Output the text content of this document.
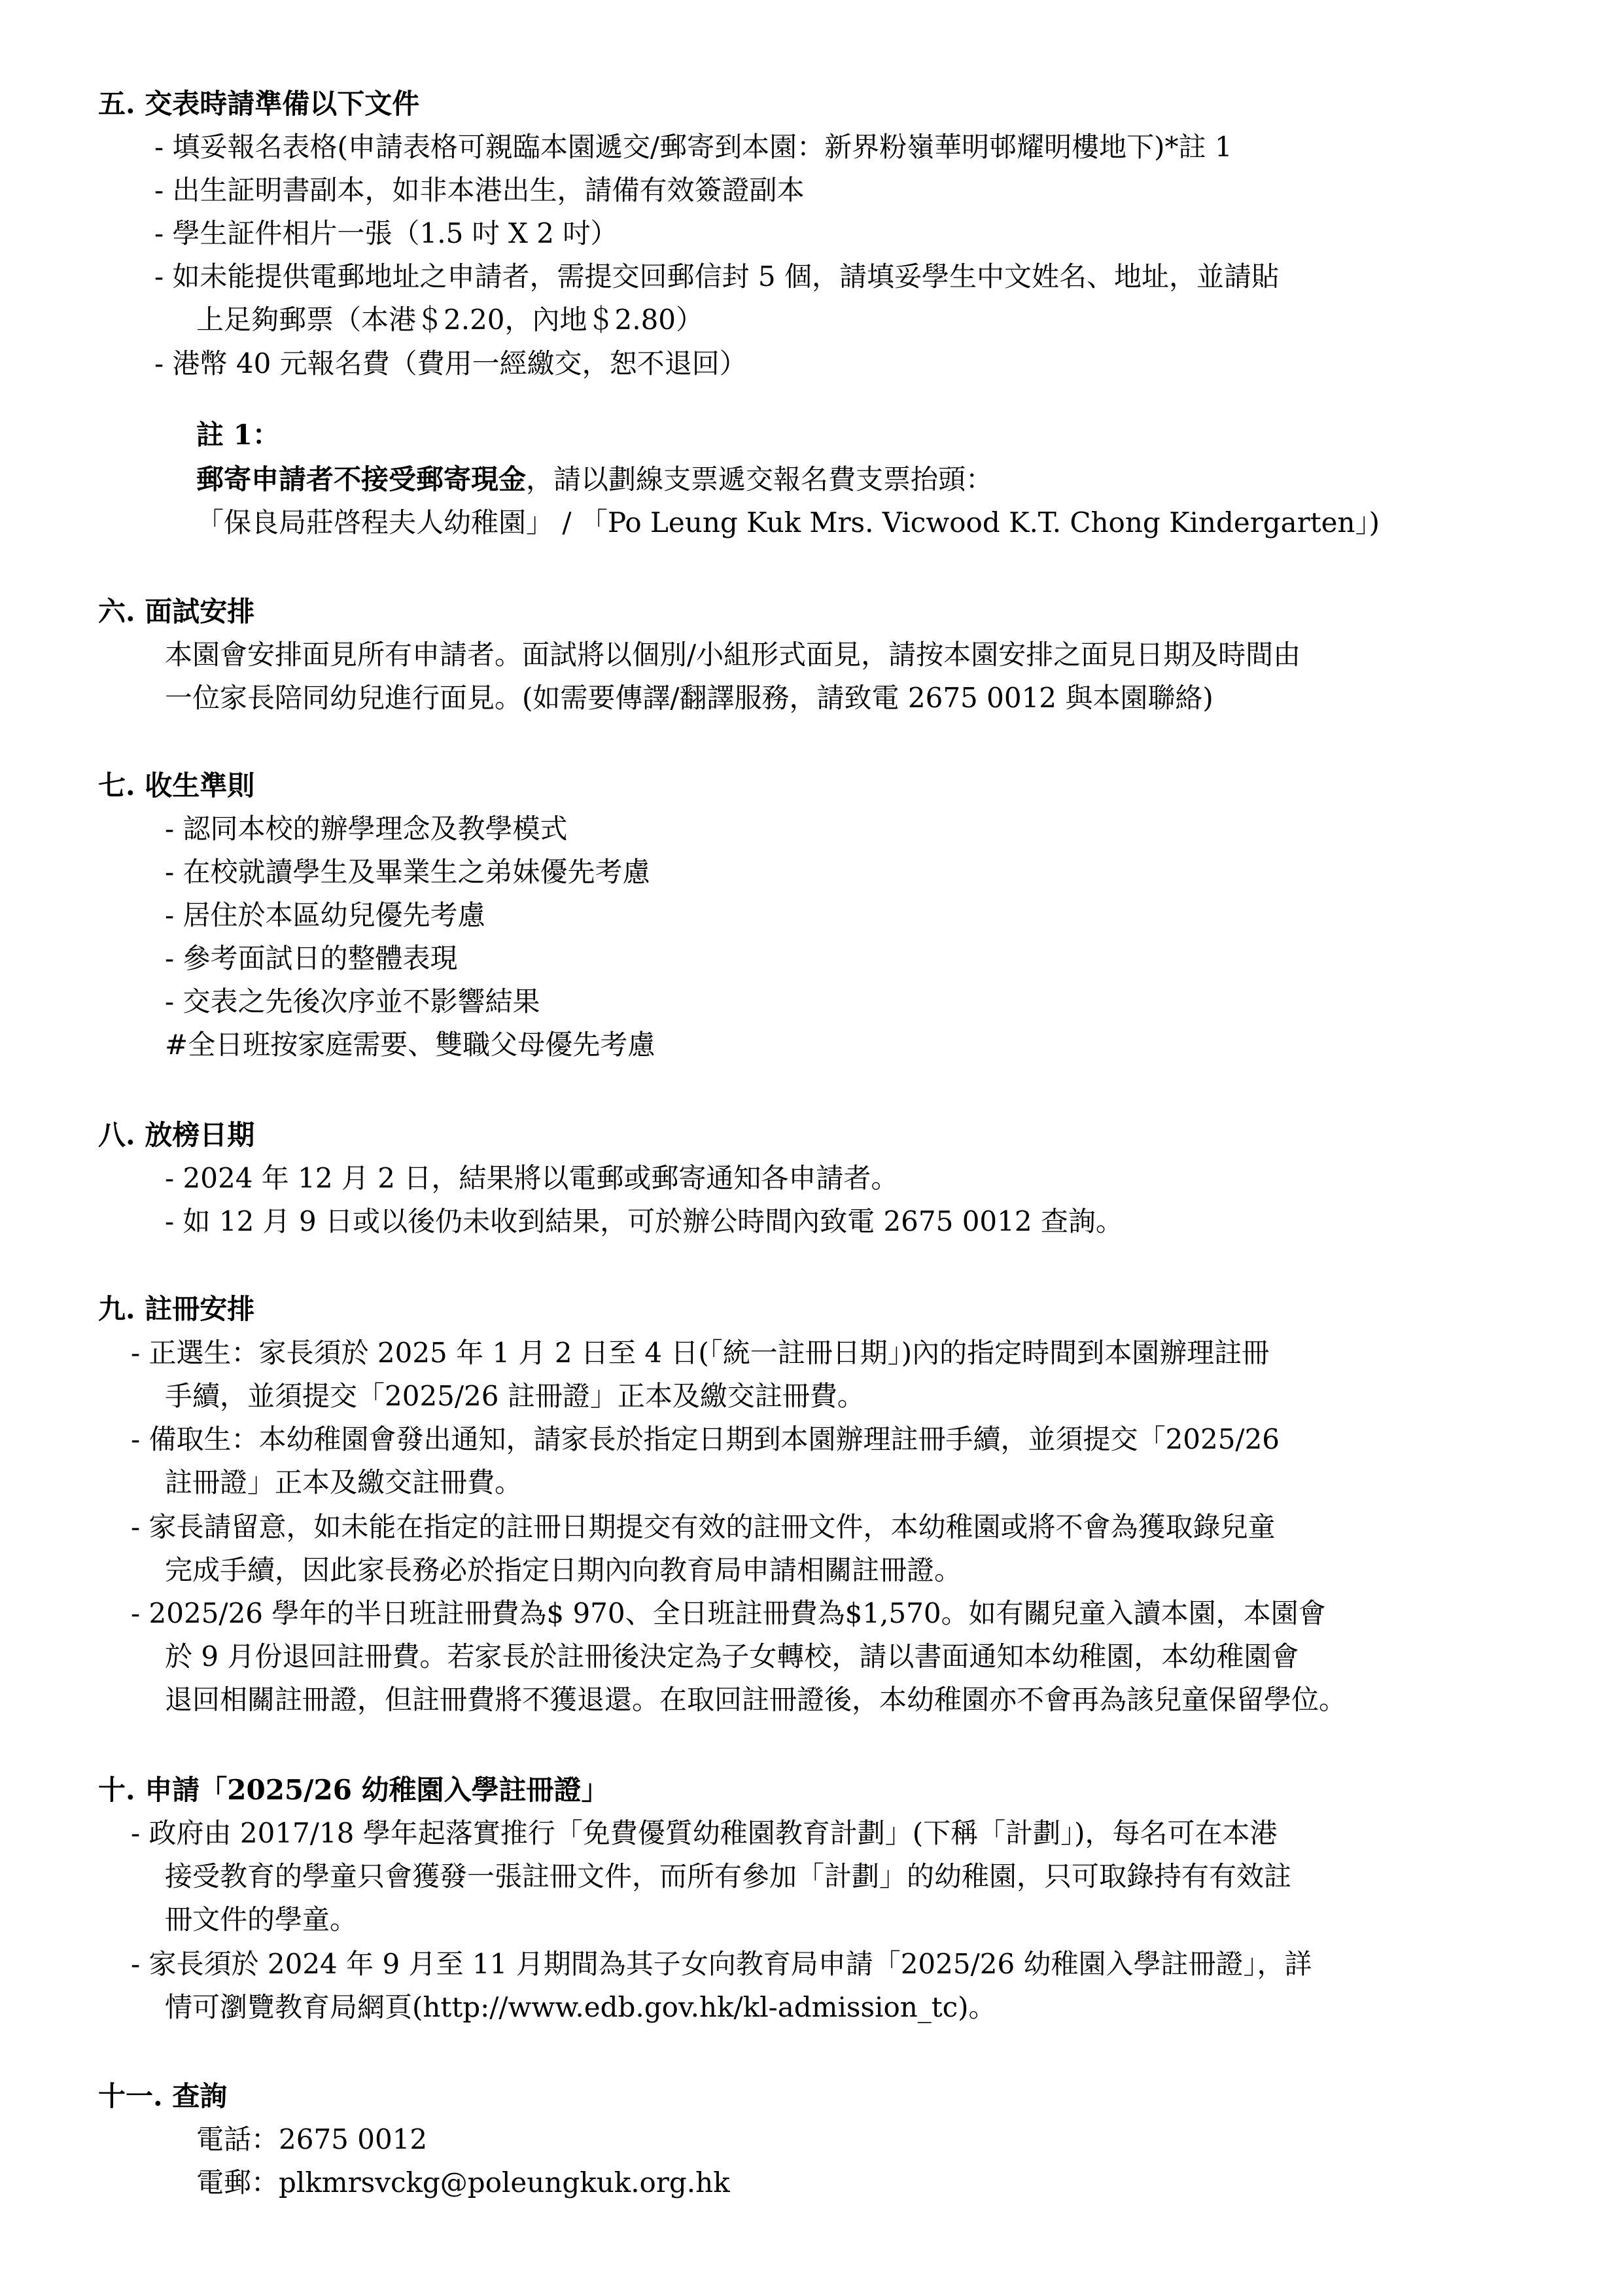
五. 交表時請準備以下文件
- 填妥報名表格(申請表格可親臨本園遞交/郵寄到本園：新界粉嶺華明邨耀明樓地下)*註 1
- 出生証明書副本，如非本港出生，請備有效簽證副本
- 學生証件相片一張（1.5 吋 X 2 吋）
- 如未能提供電郵地址之申請者，需提交回郵信封 5 個，請填妥學生中文姓名、地址，並請貼
上足夠郵票（本港＄2.20，內地＄2.80）
- 港幣 40 元報名費（費用一經繳交，恕不退回）
註 1：
郵寄申請者不接受郵寄現金，請以劃線支票遞交報名費支票抬頭：
「保良局莊啓程夫人幼稚園」 / 「Po Leung Kuk Mrs. Vicwood K.T. Chong Kindergarten」)
六. 面試安排
本園會安排面見所有申請者。面試將以個別/小組形式面見，請按本園安排之面見日期及時間由
一位家長陪同幼兒進行面見。(如需要傳譯/翻譯服務，請致電 2675 0012 與本園聯絡)
七. 收生準則
- 認同本校的辦學理念及教學模式
- 在校就讀學生及畢業生之弟妹優先考慮
- 居住於本區幼兒優先考慮
- 參考面試日的整體表現
- 交表之先後次序並不影響結果
#全日班按家庭需要、雙職父母優先考慮
八. 放榜日期
- 2024 年 12 月 2 日，結果將以電郵或郵寄通知各申請者。
- 如 12 月 9 日或以後仍未收到結果，可於辦公時間內致電 2675 0012 查詢。
九. 註冊安排
- 正選生：家長須於 2025 年 1 月 2 日至 4 日(「統一註冊日期」)內的指定時間到本園辦理註冊
手續，並須提交「2025/26 註冊證」正本及繳交註冊費。
- 備取生：本幼稚園會發出通知，請家長於指定日期到本園辦理註冊手續，並須提交「2025/26
註冊證」正本及繳交註冊費。
- 家長請留意，如未能在指定的註冊日期提交有效的註冊文件，本幼稚園或將不會為獲取錄兒童
完成手續，因此家長務必於指定日期內向教育局申請相關註冊證。
- 2025/26 學年的半日班註冊費為$ 970、全日班註冊費為$1,570。如有關兒童入讀本園，本園會
於 9 月份退回註冊費。若家長於註冊後決定為子女轉校，請以書面通知本幼稚園，本幼稚園會
退回相關註冊證，但註冊費將不獲退還。在取回註冊證後，本幼稚園亦不會再為該兒童保留學位。
十. 申請「2025/26 幼稚園入學註冊證」
- 政府由 2017/18 學年起落實推行「免費優質幼稚園教育計劃」(下稱「計劃」)，每名可在本港
接受教育的學童只會獲發一張註冊文件，而所有參加「計劃」的幼稚園，只可取錄持有有效註
冊文件的學童。
- 家長須於 2024 年 9 月至 11 月期間為其子女向教育局申請「2025/26 幼稚園入學註冊證」，詳
情可瀏覽教育局網頁(http://www.edb.gov.hk/kl-admission_tc)。
十一. 查詢
電話：2675 0012
電郵：plkmrsvckg@poleungkuk.org.hk
